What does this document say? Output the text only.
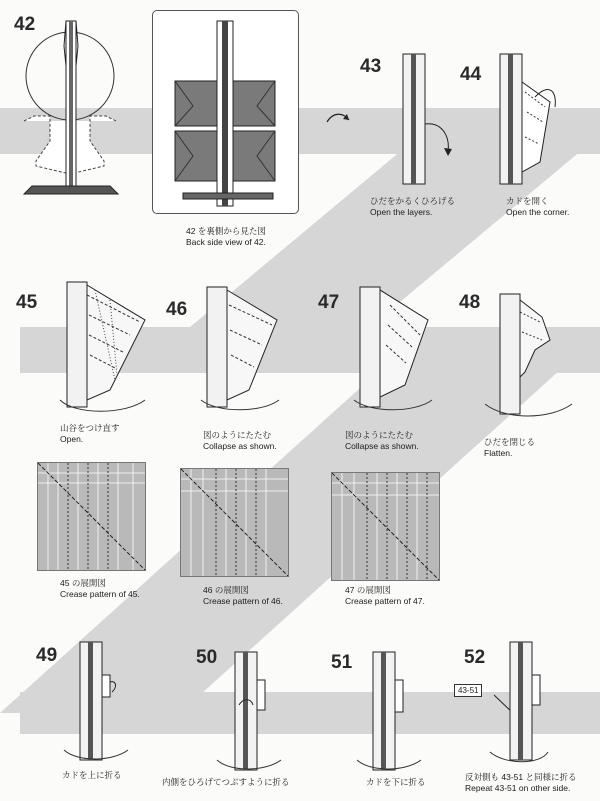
42
42 を裏側から見た図
Back side view of 42.
43
ひだをかるくひろげる
Open the layers.
44
カドを開く
Open the corner.
45
山谷をつけ直す
Open.
46
図のようにたたむ
Collapse as shown.
47
図のようにたたむ
Collapse as shown.
48
ひだを閉じる
Flatten.
45 の展開図
Crease pattern of 45.	46 の展開図
Crease pattern of 46.
47 の展開図
Crease pattern of 47.
49
カドを上に折る
50
内側をひろげてつぶすように折る
51
カドを下に折る
52
43-51
反対側も 43-51 と同様に折る
Repeat 43-51 on other side.
